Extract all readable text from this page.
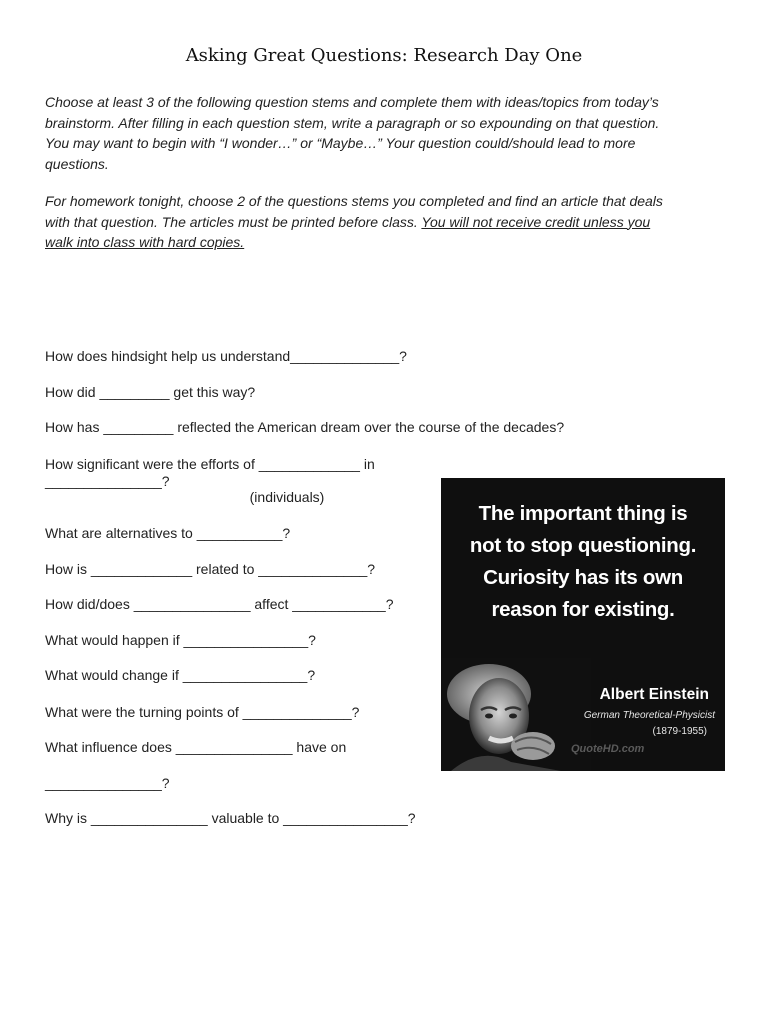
Asking Great Questions: Research Day One

Choose at least 3 of the following question stems and complete them with ideas/topics from today’s

brainstorm. After filling in each question stem, write a paragraph or so expounding on that question.

You may want to begin with “I wonder…” or “Maybe…” Your question could/should lead to more

questions.

For homework tonight, choose 2 of the questions stems you completed and find an article that deals

with that question. The articles must be printed before class. You will not receive credit unless you

walk into class with hard copies.

How does hindsight help us understand______________?
How did _________ get this way?
How has _________ reflected the American dream over the course of the decades?
How significant were the efforts of _____________ in
_______________?
(individuals)
What are alternatives to ___________?
How is _____________ related to ______________?
How did/does _______________ affect ____________?
What would happen if ________________?
What would change if ________________?
What were the turning points of ______________?
What influence does _______________ have on
_______________?
Why is _______________ valuable to ________________?
The important thing is
not to stop questioning.
Curiosity has its own
reason for existing.
Albert Einstein
German Theoretical-Physicist
(1879-1955)
QuoteHD.com
